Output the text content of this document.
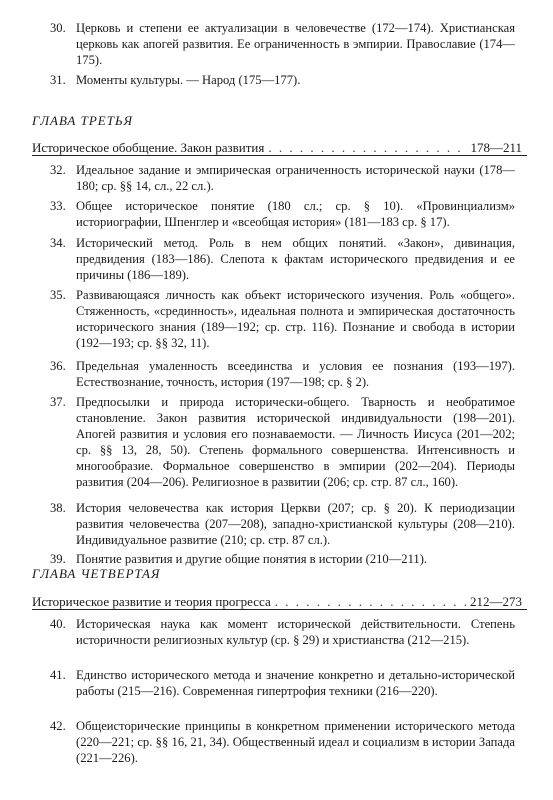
30. Церковь и степени ее актуализации в человечестве (172—174). Христианская церковь как апогей развития. Ее ограниченность в эмпирии. Православие (174—175).
31. Моменты культуры. — Народ (175—177).
ГЛАВА ТРЕТЬЯ
Историческое обобщение. Закон развития . . .	178—211
32. Идеальное задание и эмпирическая ограниченность исторической науки (178—180; ср. §§ 14, сл., 22 сл.).
33. Общее историческое понятие (180 сл.; ср. § 10). «Провинциализм» историографии, Шпенглер и «всеобщая история» (181—183 ср. § 17).
34. Исторический метод. Роль в нем общих понятий. «Закон», дивинация, предвидения (183—186). Слепота к фактам исторического предвидения и ее причины (186—189).
35. Развивающаяся личность как объект исторического изучения. Роль «общего». Стяженность, «срединность», идеальная полнота и эмпирическая достаточность исторического знания (189—192; ср. стр. 116). Познание и свобода в истории (192—193; ср. §§ 32, 11).
36. Предельная умаленность всеединства и условия ее познания (193—197). Естествознание, точность, история (197—198; ср. § 2).
37. Предпосылки и природа исторически-общего. Тварность и необратимое становление. Закон развития исторической индивидуальности (198—201). Апогей развития и условия его познаваемости. — Личность Иисуса (201—202; ср. §§ 13, 28, 50). Степень формального совершенства. Интенсивность и многообразие. Формальное совершенство в эмпирии (202—204). Периоды развития (204—206). Религиозное в развитии (206; ср. стр. 87 сл., 160).
38. История человечества как история Церкви (207; ср. § 20). К периодизации развития человечества (207—208), западно-христианской культуры (208—210). Индивидуальное развитие (210; ср. стр. 87 сл.).
39. Понятие развития и другие общие понятия в истории (210—211).
ГЛАВА ЧЕТВЕРТАЯ
Историческое развитие и теория прогресса . . .	212—273
40. Историческая наука как момент исторической действительности. Степень историчности религиозных культур (ср. § 29) и христианства (212—215).
41. Единство исторического метода и значение конкретно и детально-исторической работы (215—216). Современная гипертрофия техники (216—220).
42. Общеисторические принципы в конкретном применении исторического метода (220—221; ср. §§ 16, 21, 34). Общественный идеал и социализм в истории Запада (221—226).
